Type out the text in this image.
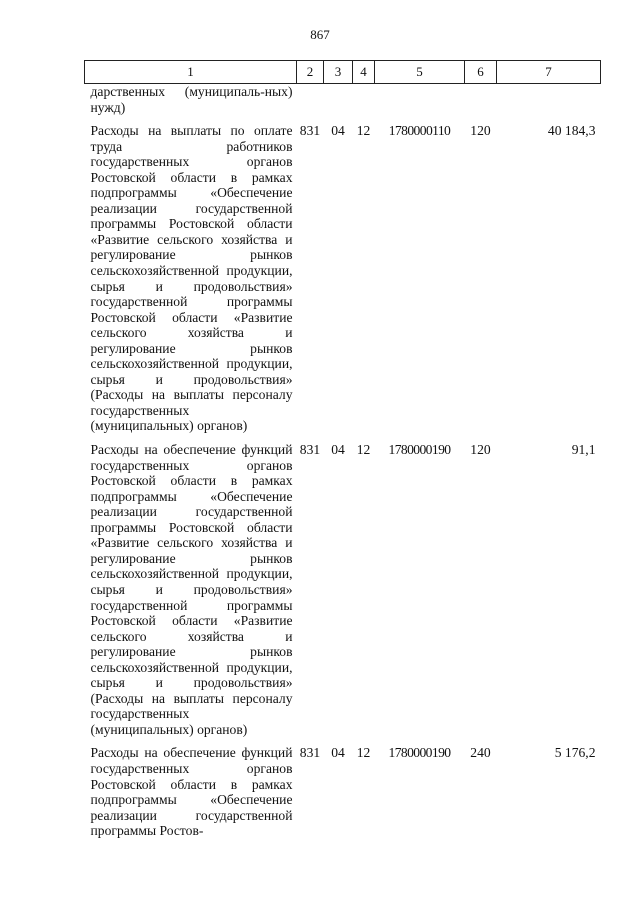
867
1	2	3	4	5	6	7
дарственных (муниципаль-ных) нужд)						
Расходы на выплаты по оплате труда работников государственных органов Ростовской области в рамках подпрограммы «Обеспечение реализации государственной программы Ростовской области «Развитие сельского хозяйства и регулирование рынков сельскохозяйственной продукции, сырья и продовольствия» государственной программы Ростовской области «Развитие сельского хозяйства и регулирование рынков сельскохозяйственной продукции, сырья и продовольствия» (Расходы на выплаты персоналу государственных (муниципальных) органов)	831	04	12	1780000110	120	40 184,3
Расходы на обеспечение функций государственных органов Ростовской области в рамках подпрограммы «Обеспечение реализации государственной программы Ростовской области «Развитие сельского хозяйства и регулирование рынков сельскохозяйственной продукции, сырья и продовольствия» государственной программы Ростовской области «Развитие сельского хозяйства и регулирование рынков сельскохозяйственной продукции, сырья и продовольствия» (Расходы на выплаты персоналу государственных (муниципальных) органов)	831	04	12	1780000190	120	91,1
Расходы на обеспечение функций государственных органов Ростовской области в рамках подпрограммы «Обеспечение реализации государственной программы Ростов-	831	04	12	1780000190	240	5 176,2
